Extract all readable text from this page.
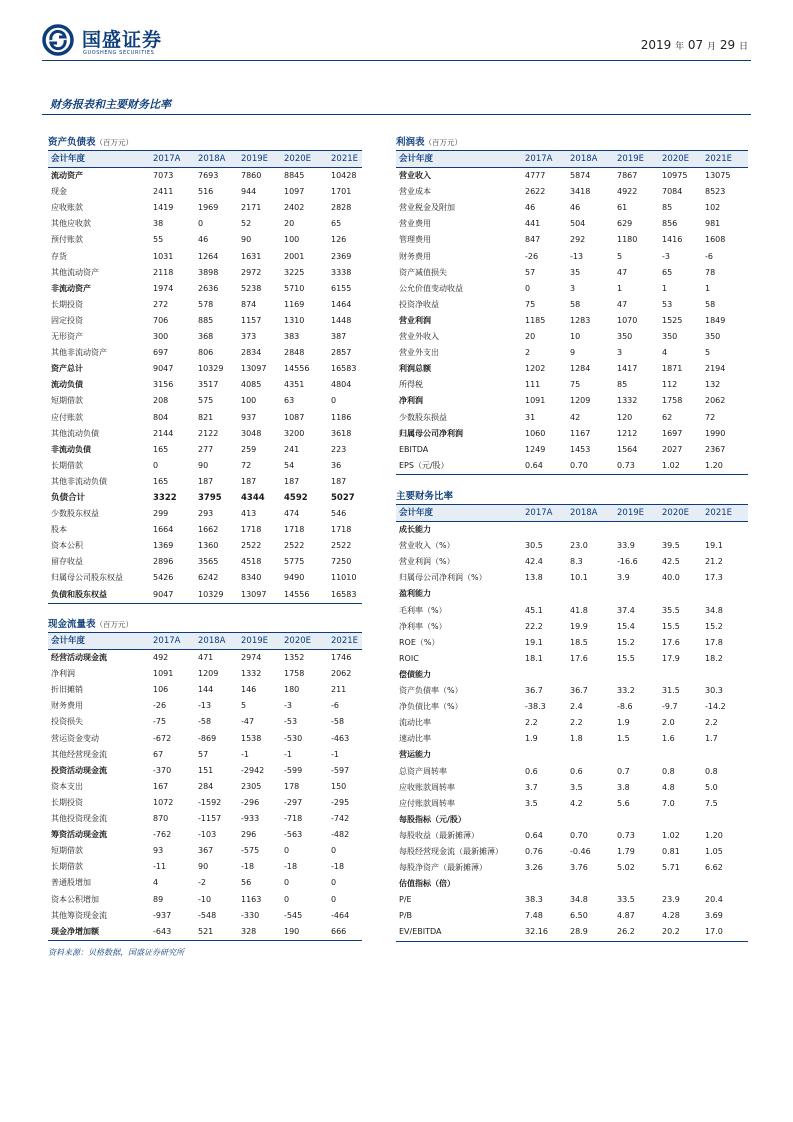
国盛证券
GUOSHENG SECURITIES
2019 年 07 月 29 日
财务报表和主要财务比率
资产负债表（百万元）
会计年度	2017A 2018A 2019E 2020E 2021E
流动资产	7073	7693	7860	8845	10428
现金	2411	516	944	1097	1701
应收账款	1419	1969	2171	2402	2828
其他应收款	38	0	52	20	65
预付账款	55	46	90	100	126
存货	1031	1264	1631	2001	2369
其他流动资产	2118	3898	2972	3225	3338
非流动资产	1974	2636	5238	5710	6155
长期投资	272	578	874	1169	1464
固定投资	706	885	1157	1310	1448
无形资产	300	368	373	383	387
其他非流动资产	697	806	2834	2848	2857
资产总计	9047	10329 13097 14556	16583
流动负债	3156	3517	4085	4351	4804
短期借款	208	575	100	63	0
应付账款	804	821	937	1087	1186
其他流动负债	2144	2122	3048	3200	3618
非流动负债	165	277	259	241	223
长期借款	0	90	72	54	36
其他非流动负债	165	187	187	187	187
负债合计	3322	3795 4344 4592	5027
少数股东权益	299	293	413	474	546
股本	1664	1662	1718	1718	1718
资本公积	1369	1360	2522	2522	2522
留存收益	2896	3565	4518	5775	7250
归属母公司股东权益	5426	6242	8340	9490	11010
负债和股东权益	9047	10329 13097 14556	16583
现金流量表（百万元）
会计年度	2017A 2018A 2019E 2020E 2021E
经营活动现金流	492	471	2974	1352	1746
净利润	1091	1209	1332	1758	2062
折旧摊销	106	144	146	180	211
财务费用	-26	-13	5	-3	-6
投资损失	-75	-58	-47	-53	-58
营运资金变动	-672	-869	1538	-530	-463
其他经营现金流	67	57	-1	-1	-1
投资活动现金流	-370	151	-2942 -599	-597
资本支出	167	284	2305	178	150
长期投资	1072	-1592 -296	-297	-295
其他投资现金流	870	-1157 -933	-718	-742
筹资活动现金流	-762	-103	296	-563	-482
短期借款	93	367	-575	0	0
长期借款	-11	90	-18	-18	-18
普通股增加	4	-2	56	0	0
资本公积增加	89	-10	1163	0	0
其他筹资现金流	-937	-548	-330	-545	-464
现金净增加额	-643	521	328	190	666
利润表（百万元）
会计年度	2017A 2018A 2019E 2020E 2021E
营业收入	4777	5874	7867	10975 13075
营业成本	2622	3418	4922	7084	8523
营业税金及附加	46	46	61	85	102
营业费用	441	504	629	856	981
管理费用	847	292	1180	1416	1608
财务费用	-26	-13	5	-3	-6
资产减值损失	57	35	47	65	78
公允价值变动收益	0	3	1	1	1
投资净收益	75	58	47	53	58
营业利润	1185	1283	1070	1525	1849
营业外收入	20	10	350	350	350
营业外支出	2	9	3	4	5
利润总额	1202	1284	1417	1871	2194
所得税	111	75	85	112	132
净利润	1091	1209	1332	1758	2062
少数股东损益	31	42	120	62	72
归属母公司净利润	1060	1167	1212	1697	1990
EBITDA	1249	1453	1564	2027	2367
EPS（元/股）	0.64	0.70	0.73	1.02	1.20
主要财务比率
会计年度	2017A 2018A 2019E 2020E 2021E
成长能力
营业收入（%）	30.5	23.0	33.9	39.5	19.1
营业利润（%）	42.4	8.3	-16.6	42.5	21.2
归属母公司净利润（%）	13.8	10.1	3.9	40.0	17.3
盈利能力
毛利率（%）	45.1	41.8	37.4	35.5	34.8
净利率（%）	22.2	19.9	15.4	15.5	15.2
ROE（%）	19.1	18.5	15.2	17.6	17.8
ROIC	18.1	17.6	15.5	17.9	18.2
偿债能力
资产负债率（%）	36.7	36.7	33.2	31.5	30.3
净负债比率（%）	-38.3	2.4	-8.6	-9.7	-14.2
流动比率	2.2	2.2	1.9	2.0	2.2
速动比率	1.9	1.8	1.5	1.6	1.7
营运能力
总资产周转率	0.6	0.6	0.7	0.8	0.8
应收账款周转率	3.7	3.5	3.8	4.8	5.0
应付账款周转率	3.5	4.2	5.6	7.0	7.5
每股指标（元/股）
每股收益（最新摊薄）	0.64	0.70	0.73	1.02	1.20
每股经营现金流（最新摊薄）	0.76	-0.46	1.79	0.81	1.05
每股净资产（最新摊薄）	3.26	3.76	5.02	5.71	6.62
估值指标（倍）
P/E	38.3	34.8	33.5	23.9	20.4
P/B	7.48	6.50	4.87	4.28	3.69
EV/EBITDA	32.16	28.9	26.2	20.2	17.0
资料来源：贝格数据，国盛证券研究所
